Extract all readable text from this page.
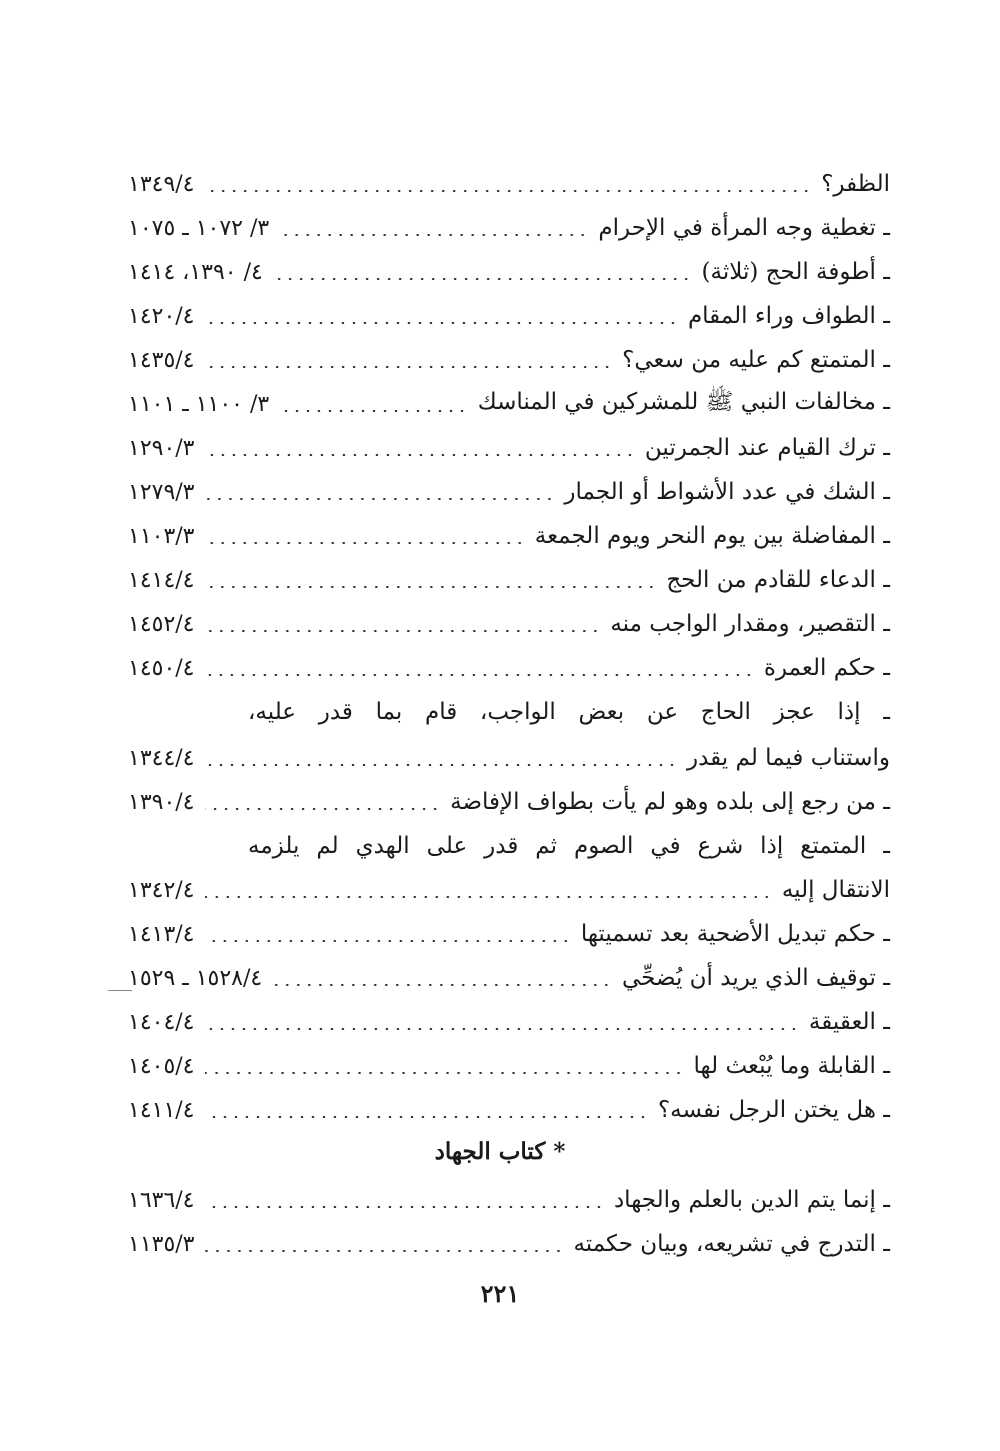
الظفر؟
١٣٤٩/٤
ـ تغطية وجه المرأة في الإحرام
٣/ ١٠٧٢ ـ ١٠٧٥
ـ أطوفة الحج (ثلاثة)
٤/ ١٣٩٠، ١٤١٤
ـ الطواف وراء المقام
١٤٢٠/٤
ـ المتمتع كم عليه من سعي؟
١٤٣٥/٤
ـ مخالفات النبي ﷺ للمشركين في المناسك
٣/ ١١٠٠ ـ ١١٠١
ـ ترك القيام عند الجمرتين
١٢٩٠/٣
ـ الشك في عدد الأشواط أو الجمار
١٢٧٩/٣
ـ المفاضلة بين يوم النحر ويوم الجمعة
١١٠٣/٣
ـ الدعاء للقادم من الحج
١٤١٤/٤
ـ التقصير، ومقدار الواجب منه
١٤٥٢/٤
ـ حكم العمرة
١٤٥٠/٤
ـ إذا عجز الحاج عن بعض الواجب، قام بما قدر عليه،
واستناب فيما لم يقدر
١٣٤٤/٤
ـ من رجع إلى بلده وهو لم يأت بطواف الإفاضة
١٣٩٠/٤
ـ المتمتع إذا شرع في الصوم ثم قدر على الهدي لم يلزمه
الانتقال إليه
١٣٤٢/٤
ـ حكم تبديل الأضحية بعد تسميتها
١٤١٣/٤
ـ توقيف الذي يريد أن يُضحِّي
١٥٢٨/٤ ـ ١٥٢٩
ـ العقيقة
١٤٠٤/٤
ـ القابلة وما يُبْعث لها
١٤٠٥/٤
ـ هل يختن الرجل نفسه؟
١٤١١/٤
*كتاب الجهاد
ـ إنما يتم الدين بالعلم والجهاد
١٦٣٦/٤
ـ التدرج في تشريعه، وبيان حكمته
١١٣٥/٣
٢٢١
